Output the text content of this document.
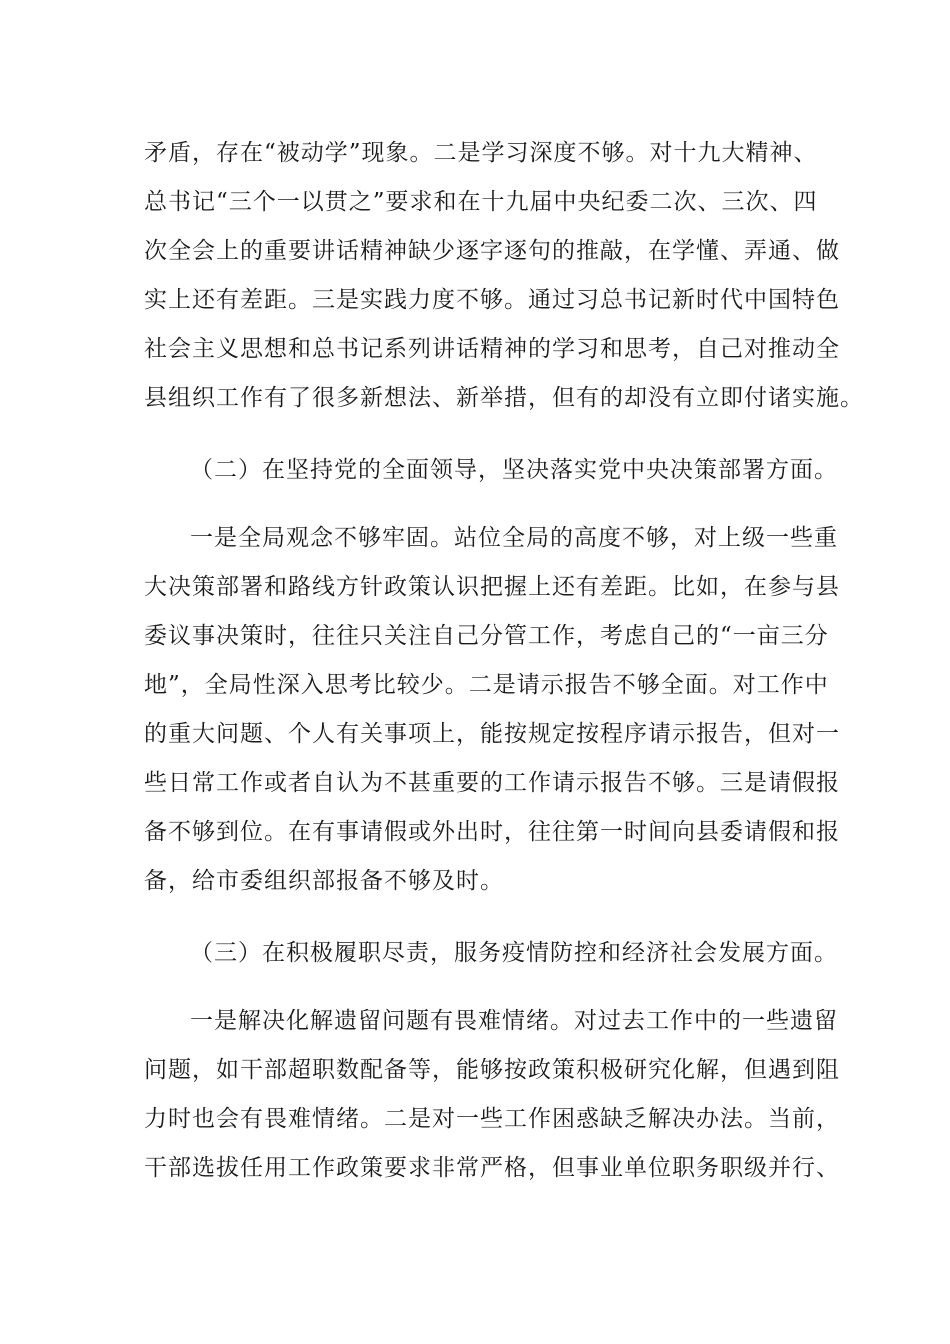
矛盾，存在“被动学”现象。二是学习深度不够。对十九大精神、
总书记“三个一以贯之”要求和在十九届中央纪委二次、三次、四
次全会上的重要讲话精神缺少逐字逐句的推敲，在学懂、弄通、做
实上还有差距。三是实践力度不够。通过习总书记新时代中国特色
社会主义思想和总书记系列讲话精神的学习和思考，自己对推动全
县组织工作有了很多新想法、新举措，但有的却没有立即付诸实施。
（二）在坚持党的全面领导，坚决落实党中央决策部署方面。
一是全局观念不够牢固。站位全局的高度不够，对上级一些重
大决策部署和路线方针政策认识把握上还有差距。比如，在参与县
委议事决策时，往往只关注自己分管工作，考虑自己的“一亩三分
地”，全局性深入思考比较少。二是请示报告不够全面。对工作中
的重大问题、个人有关事项上，能按规定按程序请示报告，但对一
些日常工作或者自认为不甚重要的工作请示报告不够。三是请假报
备不够到位。在有事请假或外出时，往往第一时间向县委请假和报
备，给市委组织部报备不够及时。
（三）在积极履职尽责，服务疫情防控和经济社会发展方面。
一是解决化解遗留问题有畏难情绪。对过去工作中的一些遗留
问题，如干部超职数配备等，能够按政策积极研究化解，但遇到阻
力时也会有畏难情绪。二是对一些工作困惑缺乏解决办法。当前，
干部选拔任用工作政策要求非常严格，但事业单位职务职级并行、
